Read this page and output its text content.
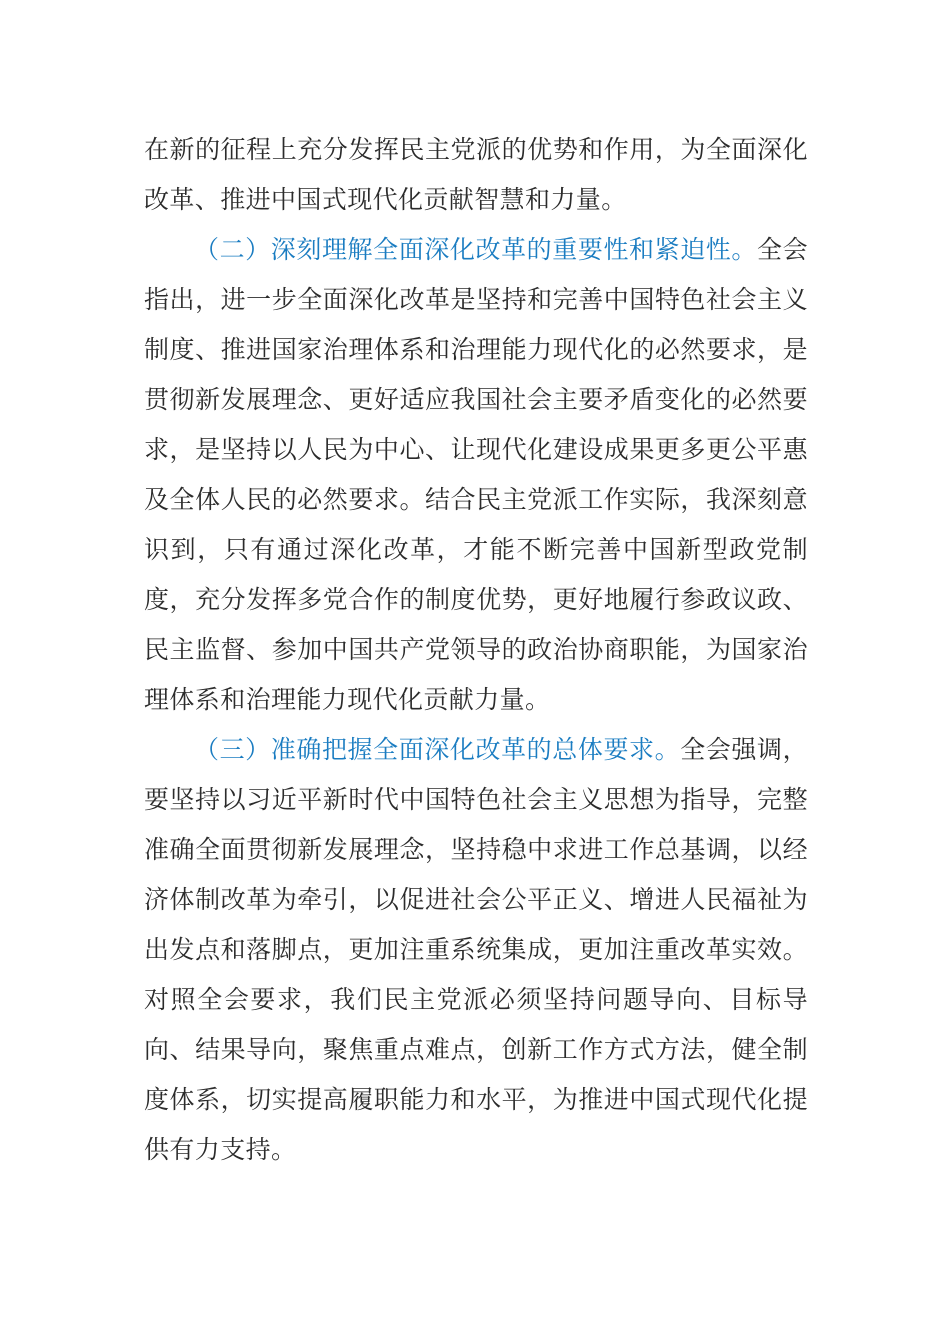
在新的征程上充分发挥民主党派的优势和作用，为全面深化改革、推进中国式现代化贡献智慧和力量。

（二）深刻理解全面深化改革的重要性和紧迫性。全会指出，进一步全面深化改革是坚持和完善中国特色社会主义制度、推进国家治理体系和治理能力现代化的必然要求，是贯彻新发展理念、更好适应我国社会主要矛盾变化的必然要求，是坚持以人民为中心、让现代化建设成果更多更公平惠及全体人民的必然要求。结合民主党派工作实际，我深刻意识到，只有通过深化改革，才能不断完善中国新型政党制度，充分发挥多党合作的制度优势，更好地履行参政议政、民主监督、参加中国共产党领导的政治协商职能，为国家治理体系和治理能力现代化贡献力量。

（三）准确把握全面深化改革的总体要求。全会强调，要坚持以习近平新时代中国特色社会主义思想为指导，完整准确全面贯彻新发展理念，坚持稳中求进工作总基调，以经济体制改革为牵引，以促进社会公平正义、增进人民福祉为出发点和落脚点，更加注重系统集成，更加注重改革实效。对照全会要求，我们民主党派必须坚持问题导向、目标导向、结果导向，聚焦重点难点，创新工作方式方法，健全制度体系，切实提高履职能力和水平，为推进中国式现代化提供有力支持。
